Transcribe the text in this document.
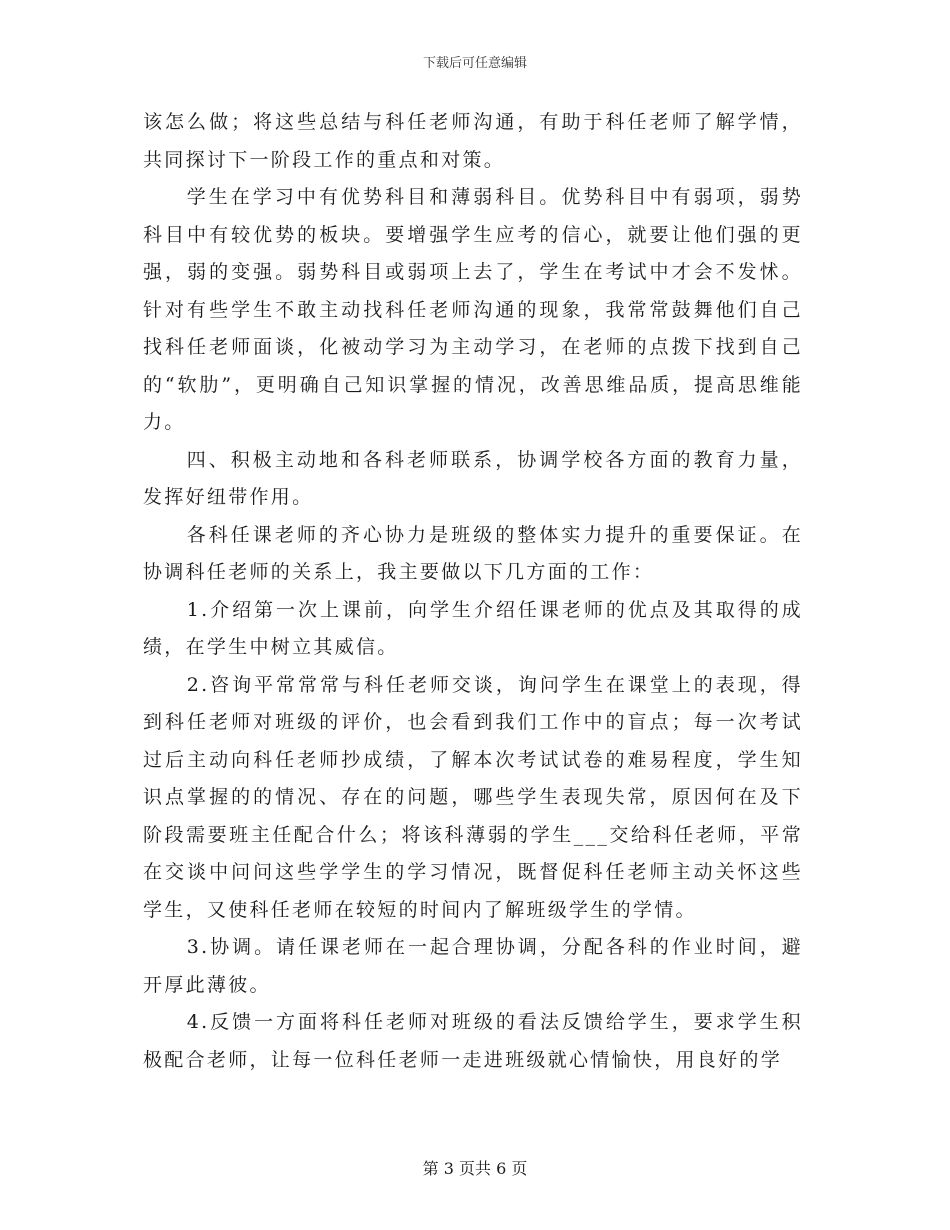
下载后可任意编辑

该怎么做；将这些总结与科任老师沟通，有助于科任老师了解学情，共同探讨下一阶段工作的重点和对策。

学生在学习中有优势科目和薄弱科目。优势科目中有弱项，弱势科目中有较优势的板块。要增强学生应考的信心，就要让他们强的更强，弱的变强。弱势科目或弱项上去了，学生在考试中才会不发怵。针对有些学生不敢主动找科任老师沟通的现象，我常常鼓舞他们自己找科任老师面谈，化被动学习为主动学习，在老师的点拨下找到自己的“软肋”，更明确自己知识掌握的情况，改善思维品质，提高思维能力。

四、积极主动地和各科老师联系，协调学校各方面的教育力量，发挥好纽带作用。

各科任课老师的齐心协力是班级的整体实力提升的重要保证。在协调科任老师的关系上，我主要做以下几方面的工作：

1.介绍第一次上课前，向学生介绍任课老师的优点及其取得的成绩，在学生中树立其威信。

2.咨询平常常常与科任老师交谈，询问学生在课堂上的表现，得到科任老师对班级的评价，也会看到我们工作中的盲点；每一次考试过后主动向科任老师抄成绩，了解本次考试试卷的难易程度，学生知识点掌握的的情况、存在的问题，哪些学生表现失常，原因何在及下阶段需要班主任配合什么；将该科薄弱的学生___交给科任老师，平常在交谈中问问这些学学生的学习情况，既督促科任老师主动关怀这些学生，又使科任老师在较短的时间内了解班级学生的学情。

3.协调。请任课老师在一起合理协调，分配各科的作业时间，避开厚此薄彼。

4.反馈一方面将科任老师对班级的看法反馈给学生，要求学生积极配合老师，让每一位科任老师一走进班级就心情愉快，用良好的学

第 3 页共 6 页
